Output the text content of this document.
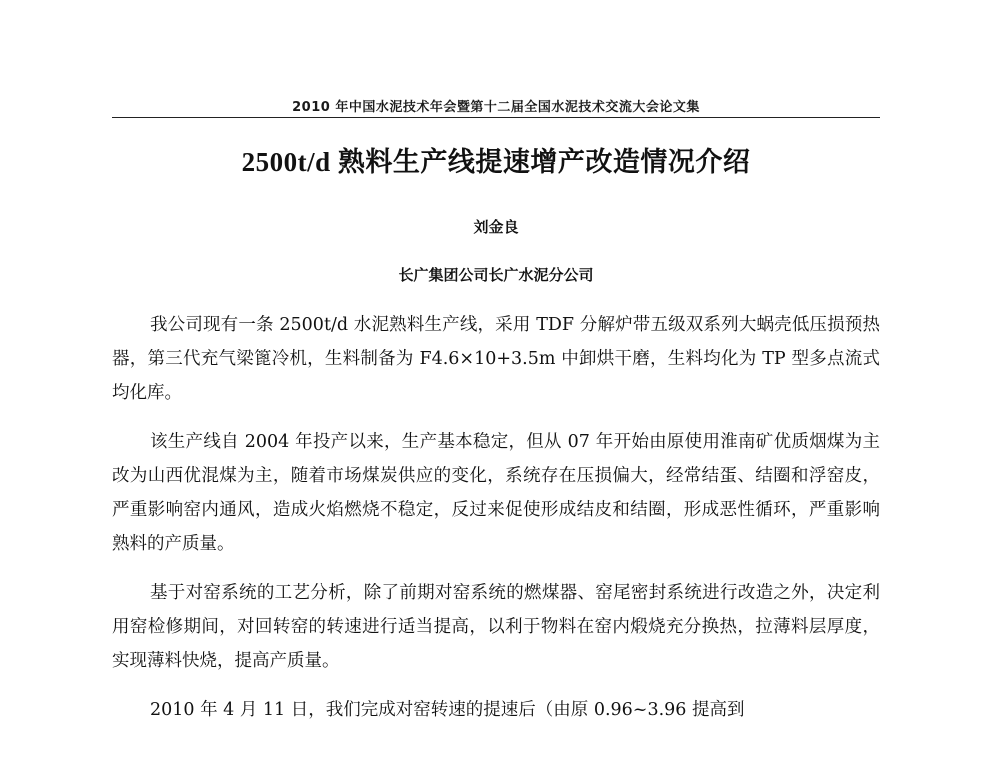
2010 年中国水泥技术年会暨第十二届全国水泥技术交流大会论文集
2500t/d 熟料生产线提速增产改造情况介绍
刘金良
长广集团公司长广水泥分公司

我公司现有一条 2500t/d 水泥熟料生产线，采用 TDF 分解炉带五级双系列大蜗壳低压损预热器，第三代充气梁篦冷机，生料制备为 F4.6×10+3.5m 中卸烘干磨，生料均化为 TP 型多点流式均化库。

该生产线自 2004 年投产以来，生产基本稳定，但从 07 年开始由原使用淮南矿优质烟煤为主改为山西优混煤为主，随着市场煤炭供应的变化，系统存在压损偏大，经常结蛋、结圈和浮窑皮，严重影响窑内通风，造成火焰燃烧不稳定，反过来促使形成结皮和结圈，形成恶性循环，严重影响熟料的产质量。

基于对窑系统的工艺分析，除了前期对窑系统的燃煤器、窑尾密封系统进行改造之外，决定利用窑检修期间，对回转窑的转速进行适当提高，以利于物料在窑内煅烧充分换热，拉薄料层厚度，实现薄料快烧，提高产质量。

2010 年 4 月 11 日，我们完成对窑转速的提速后（由原 0.96~3.96 提高到
